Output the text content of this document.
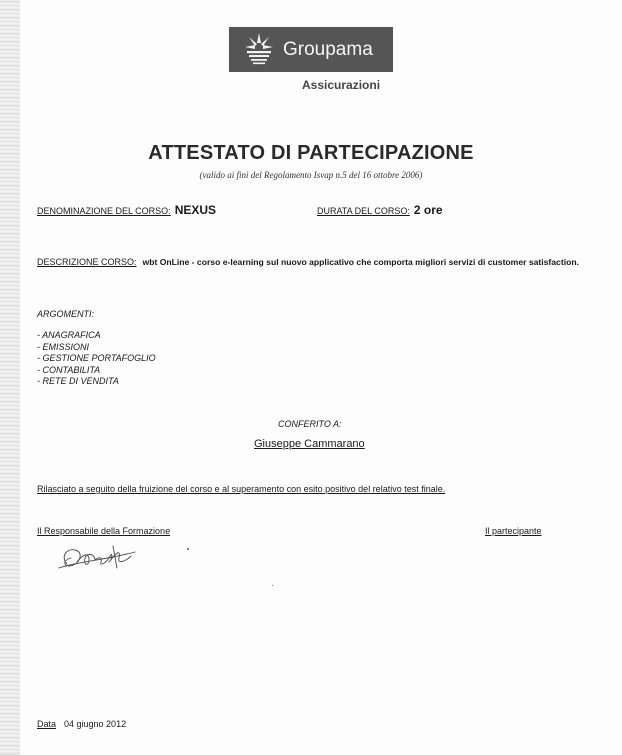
Groupama
Assicurazioni
ATTESTATO DI PARTECIPAZIONE
(valido ai fini del Regolamento Isvap n.5 del 16 ottobre 2006)
DENOMINAZIONE DEL CORSO: NEXUS	DURATA DEL CORSO: 2 ore
DESCRIZIONE CORSO: wbt OnLine - corso e-learning sul nuovo applicativo che comporta migliori servizi di customer satisfaction.
ARGOMENTI:
- ANAGRAFICA
- EMISSIONI
- GESTIONE PORTAFOGLIO
- CONTABILITA
- RETE DI VENDITA
CONFERITO A:
Giuseppe Cammarano
Rilasciato a seguito della fruizione del corso e al superamento con esito positivo del relativo test finale.
Il Responsabile della Formazione	Il partecipante
Data 04 giugno 2012
